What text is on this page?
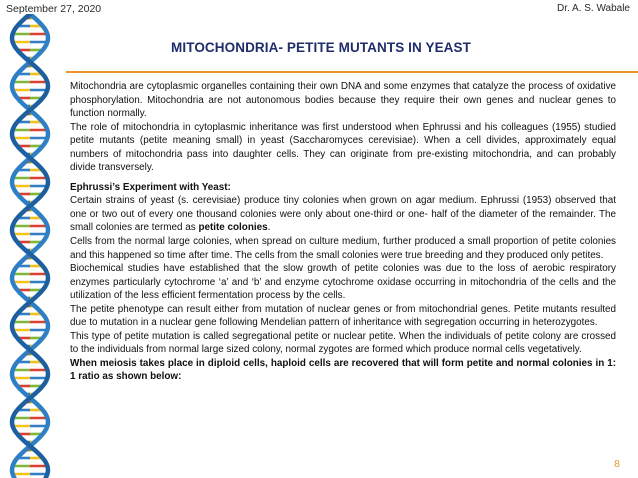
September 27, 2020	Dr. A. S. Wabale
MITOCHONDRIA- PETITE MUTANTS IN YEAST

Mitochondria are cytoplasmic organelles containing their own DNA and some enzymes that catalyze the process of oxidative phosphorylation. Mitochondria are not autonomous bodies because they require their own genes and nuclear genes to function normally.

The role of mitochondria in cytoplasmic inheritance was first understood when Ephrussi and his colleagues (1955) studied petite mutants (petite meaning small) in yeast (Saccharomyces cerevisiae). When a cell divides, approximately equal numbers of mitochondria pass into daughter cells. They can originate from pre-existing mitochondria, and can probably divide transversely.

Ephrussi’s Experiment with Yeast:

Certain strains of yeast (s. cerevisiae) produce tiny colonies when grown on agar medium. Ephrussi (1953) observed that one or two out of every one thousand colonies were only about one-third or one- half of the diameter of the remainder. The small colonies are termed as petite colonies.

Cells from the normal large colonies, when spread on culture medium, further produced a small proportion of petite colonies and this happened so time after time. The cells from the small colonies were true breeding and they produced only petites.

Biochemical studies have established that the slow growth of petite colonies was due to the loss of aerobic respiratory enzymes particularly cytochrome ‘a’ and ‘b’ and enzyme cytochrome oxidase occurring in mitochondria of the cells and the utilization of the less efficient fermentation process by the cells.

The petite phenotype can result either from mutation of nuclear genes or from mitochondrial genes. Petite mutants resulted due to mutation in a nuclear gene following Mendelian pattern of inheritance with segregation occurring in heterozygotes.

This type of petite mutation is called segregational petite or nuclear petite. When the individuals of petite colony are crossed to the individuals from normal large sized colony, normal zygotes are formed which produce normal cells vegetatively.

When meiosis takes place in diploid cells, haploid cells are recovered that will form petite and normal colonies in 1: 1 ratio as shown below:

8
